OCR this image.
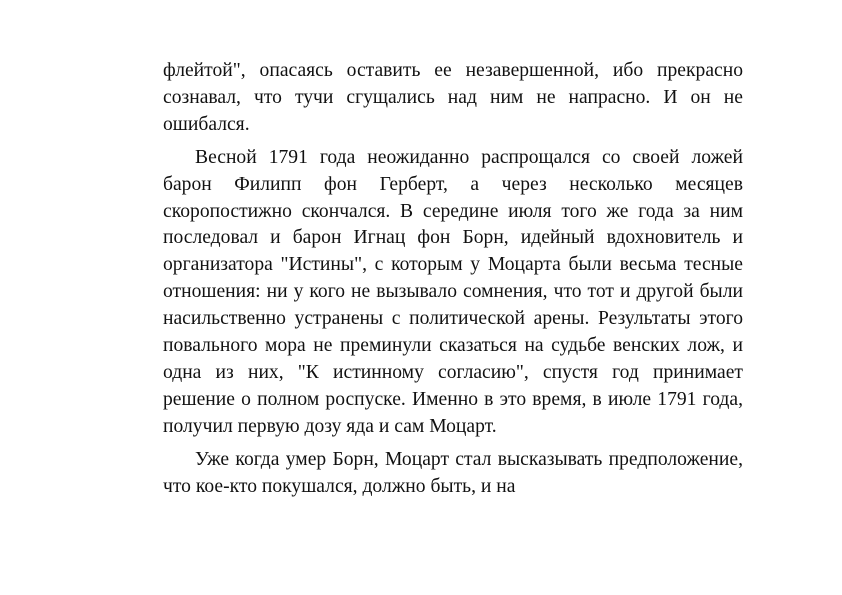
флейтой", опасаясь оставить ее незавершенной, ибо прекрасно сознавал, что тучи сгущались над ним не напрасно. И он не ошибался.

Весной 1791 года неожиданно распрощался со своей ложей барон Филипп фон Герберт, а через несколько месяцев скоропостижно скончался. В середине июля того же года за ним последовал и барон Игнац фон Борн, идейный вдохновитель и организатора "Истины", с которым у Моцарта были весьма тесные отношения: ни у кого не вызывало сомнения, что тот и другой были насильственно устранены с политической арены. Результаты этого повального мора не преминули сказаться на судьбе венских лож, и одна из них, "К истинному согласию", спустя год принимает решение о полном роспуске. Именно в это время, в июле 1791 года, получил первую дозу яда и сам Моцарт.

Уже когда умер Борн, Моцарт стал высказывать предположение, что кое-кто покушался, должно быть, и на
